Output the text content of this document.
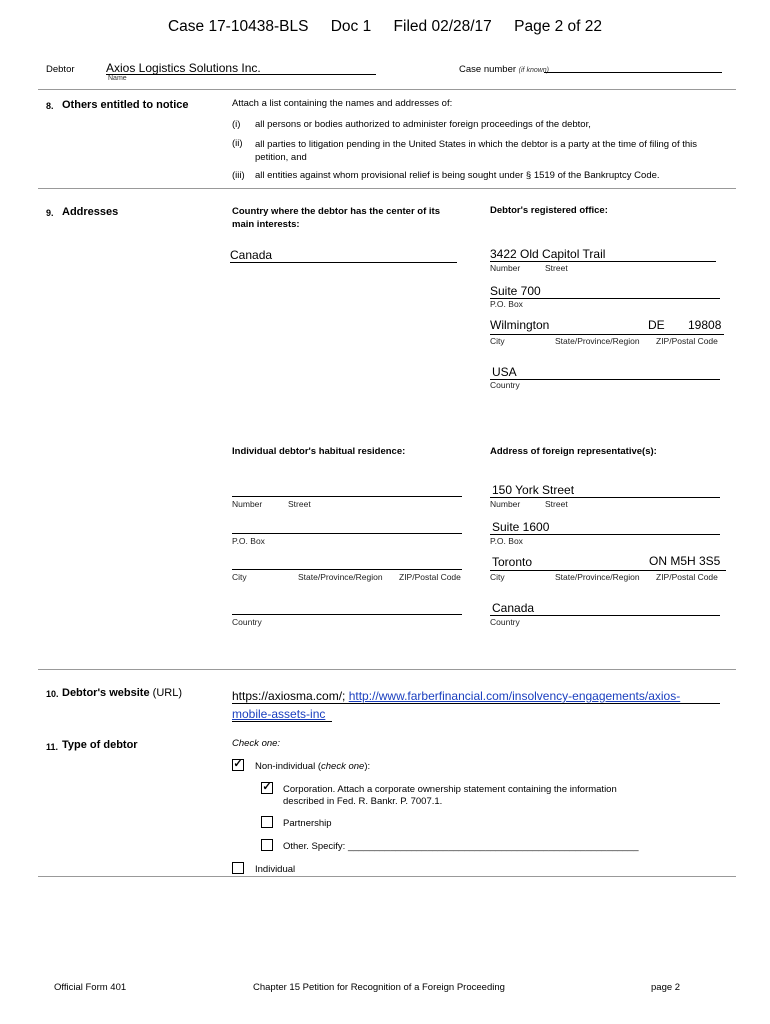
Case 17-10438-BLS Doc 1 Filed 02/28/17 Page 2 of 22
Debtor	Axios Logistics Solutions Inc.
Name
Case number (if known)
8. Others entitled to notice	Attach a list containing the names and addresses of:
(i) all persons or bodies authorized to administer foreign proceedings of the debtor,
(ii) all parties to litigation pending in the United States in which the debtor is a party at the time of filing of this petition, and
(iii) all entities against whom provisional relief is being sought under § 1519 of the Bankruptcy Code.
9. Addresses	Country where the debtor has the center of its main interests:
Canada
Debtor's registered office:
3422 Old Capitol Trail
Number	Street
Suite 700
P.O. Box
Wilmington	DE 19808
City	State/Province/Region ZIP/Postal Code
USA
Country
Individual debtor's habitual residence:
Number	Street
P.O. Box
City	State/Province/Region ZIP/Postal Code
Country
Address of foreign representative(s):
150 York Street
Number	Street
Suite 1600
P.O. Box
Toronto	ON M5H 3S5
City	State/Province/Region ZIP/Postal Code
Canada
Country
10. Debtor's website (URL)	https://axiosma.com/; http://www.farberfinancial.com/insolvency-engagements/axios-
mobile-assets-inc
11. Type of debtor	Check one:
✓ Non-individual (check one):
✓ Corporation. Attach a corporate ownership statement containing the information
described in Fed. R. Bankr. P. 7007.1.
Partnership
Other. Specify: _______________________________________________________
Individual
Official Form 401	Chapter 15 Petition for Recognition of a Foreign Proceeding	page 2
